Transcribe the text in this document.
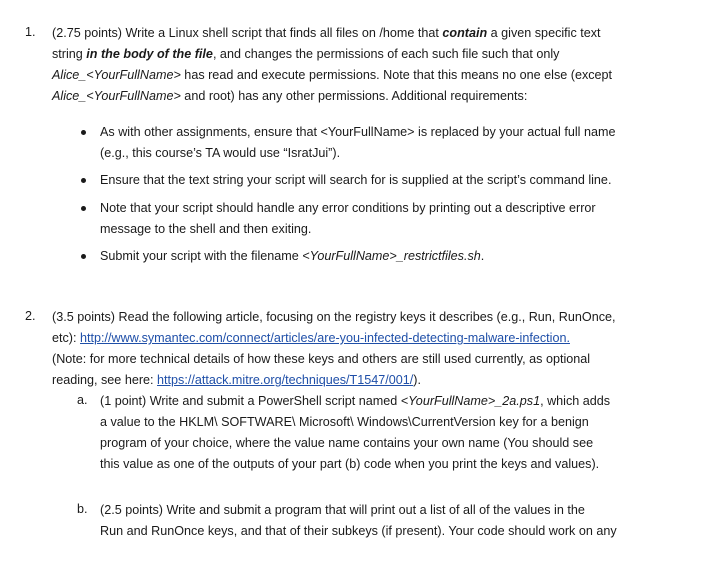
1. (2.75 points) Write a Linux shell script that finds all files on /home that contain a given specific text
string in the body of the file, and changes the permissions of each such file such that only
Alice_<YourFullName> has read and execute permissions. Note that this means no one else (except
Alice_<YourFullName> and root) has any other permissions. Additional requirements:
As with other assignments, ensure that <YourFullName> is replaced by your actual full name
(e.g., this course’s TA would use “IsratJui”).
Ensure that the text string your script will search for is supplied at the script’s command line.
Note that your script should handle any error conditions by printing out a descriptive error
message to the shell and then exiting.
Submit your script with the filename <YourFullName>_restrictfiles.sh.
2. (3.5 points) Read the following article, focusing on the registry keys it describes (e.g., Run, RunOnce,
etc): http://www.symantec.com/connect/articles/are-you-infected-detecting-malware-infection.
(Note: for more technical details of how these keys and others are still used currently, as optional
reading, see here: https://attack.mitre.org/techniques/T1547/001/).
a. (1 point) Write and submit a PowerShell script named <YourFullName>_2a.ps1, which adds
a value to the HKLM\ SOFTWARE\ Microsoft\ Windows\CurrentVersion key for a benign
program of your choice, where the value name contains your own name (You should see
this value as one of the outputs of your part (b) code when you print the keys and values).
b. (2.5 points) Write and submit a program that will print out a list of all of the values in the
Run and RunOnce keys, and that of their subkeys (if present). Your code should work on any
